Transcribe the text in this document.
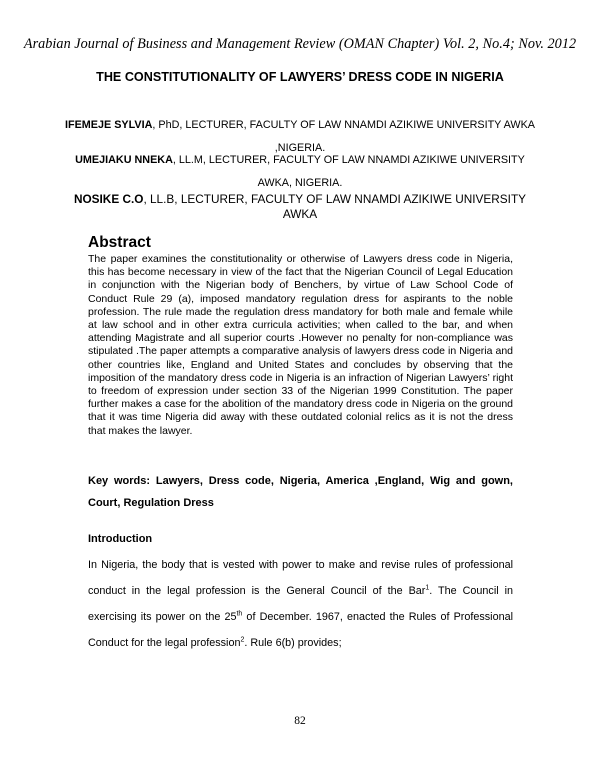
Arabian Journal of Business and Management Review (OMAN Chapter) Vol. 2, No.4; Nov. 2012
THE CONSTITUTIONALITY OF LAWYERS’ DRESS CODE IN NIGERIA
IFEMEJE SYLVIA, PhD, LECTURER, FACULTY OF LAW NNAMDI AZIKIWE UNIVERSITY AWKA ,NIGERIA.
UMEJIAKU NNEKA, LL.M, LECTURER, FACULTY OF LAW NNAMDI AZIKIWE UNIVERSITY AWKA, NIGERIA.
NOSIKE C.O, LL.B, LECTURER, FACULTY OF LAW NNAMDI AZIKIWE UNIVERSITY AWKA
Abstract
The paper examines the constitutionality or otherwise of Lawyers dress code in Nigeria, this has become necessary in view of the fact that the Nigerian Council of Legal Education in conjunction with the Nigerian body of Benchers, by virtue of Law School Code of Conduct Rule 29 (a), imposed mandatory regulation dress for aspirants to the noble profession. The rule made the regulation dress mandatory for both male and female while at law school and in other extra curricula activities; when called to the bar, and when attending Magistrate and all superior courts .However no penalty for non-compliance was stipulated .The paper attempts a comparative analysis of lawyers dress code in Nigeria and other countries like, England and United States and concludes by observing that the imposition of the mandatory dress code in Nigeria is an infraction of Nigerian Lawyers’ right to freedom of expression under section 33 of the Nigerian 1999 Constitution. The paper further makes a case for the abolition of the mandatory dress code in Nigeria on the ground that it was time Nigeria did away with these outdated colonial relics as it is not the dress that makes the lawyer.
Key words: Lawyers, Dress code, Nigeria, America ,England, Wig and gown, Court, Regulation Dress
Introduction
In Nigeria, the body that is vested with power to make and revise rules of professional conduct in the legal profession is the General Council of the Bar$^1$. The Council in exercising its power on the 25th of December. 1967, enacted the Rules of Professional Conduct for the legal profession$^2$. Rule 6(b) provides;
82
